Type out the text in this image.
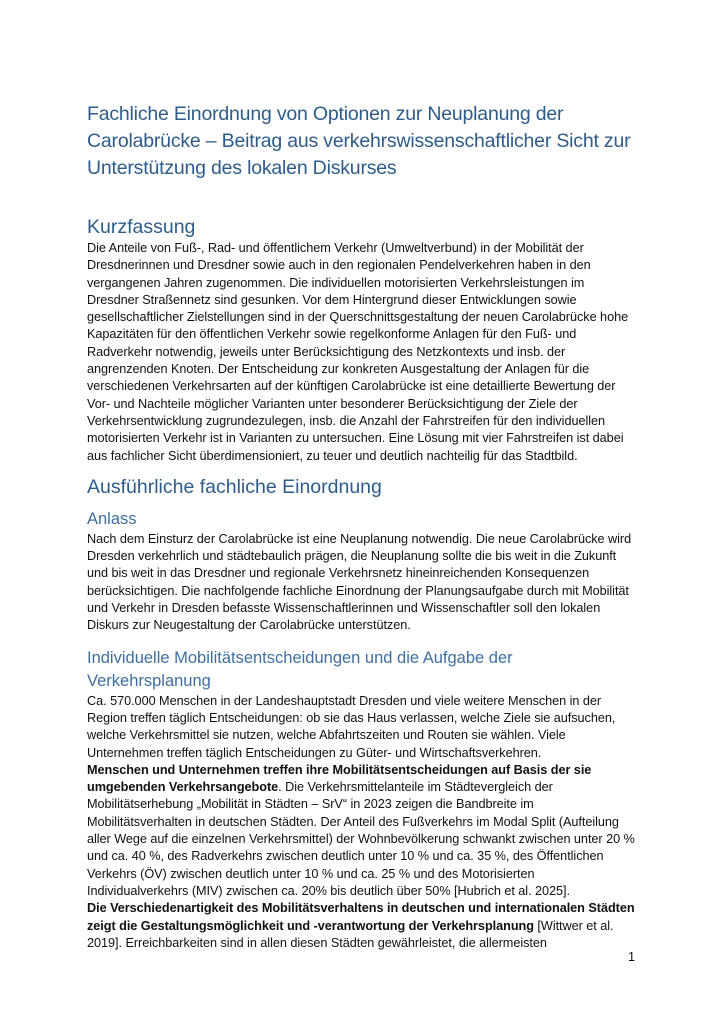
Fachliche Einordnung von Optionen zur Neuplanung der Carolabrücke – Beitrag aus verkehrswissenschaftlicher Sicht zur Unterstützung des lokalen Diskurses
Kurzfassung

Die Anteile von Fuß-, Rad- und öffentlichem Verkehr (Umweltverbund) in der Mobilität der Dresdnerinnen und Dresdner sowie auch in den regionalen Pendelverkehren haben in den vergangenen Jahren zugenommen. Die individuellen motorisierten Verkehrsleistungen im Dresdner Straßennetz sind gesunken. Vor dem Hintergrund dieser Entwicklungen sowie gesellschaftlicher Zielstellungen sind in der Querschnittsgestaltung der neuen Carolabrücke hohe Kapazitäten für den öffentlichen Verkehr sowie regelkonforme Anlagen für den Fuß- und Radverkehr notwendig, jeweils unter Berücksichtigung des Netzkontexts und insb. der angrenzenden Knoten. Der Entscheidung zur konkreten Ausgestaltung der Anlagen für die verschiedenen Verkehrsarten auf der künftigen Carolabrücke ist eine detaillierte Bewertung der Vor- und Nachteile möglicher Varianten unter besonderer Berücksichtigung der Ziele der Verkehrsentwicklung zugrundezulegen, insb. die Anzahl der Fahrstreifen für den individuellen motorisierten Verkehr ist in Varianten zu untersuchen. Eine Lösung mit vier Fahrstreifen ist dabei aus fachlicher Sicht überdimensioniert, zu teuer und deutlich nachteilig für das Stadtbild.

Ausführliche fachliche Einordnung
Anlass

Nach dem Einsturz der Carolabrücke ist eine Neuplanung notwendig. Die neue Carolabrücke wird Dresden verkehrlich und städtebaulich prägen, die Neuplanung sollte die bis weit in die Zukunft und bis weit in das Dresdner und regionale Verkehrsnetz hineinreichenden Konsequenzen berücksichtigen. Die nachfolgende fachliche Einordnung der Planungsaufgabe durch mit Mobilität und Verkehr in Dresden befasste Wissenschaftlerinnen und Wissenschaftler soll den lokalen Diskurs zur Neugestaltung der Carolabrücke unterstützen.

Individuelle Mobilitätsentscheidungen und die Aufgabe der Verkehrsplanung

Ca. 570.000 Menschen in der Landeshauptstadt Dresden und viele weitere Menschen in der Region treffen täglich Entscheidungen: ob sie das Haus verlassen, welche Ziele sie aufsuchen, welche Verkehrsmittel sie nutzen, welche Abfahrtszeiten und Routen sie wählen. Viele Unternehmen treffen täglich Entscheidungen zu Güter- und Wirtschaftsverkehren.

Menschen und Unternehmen treffen ihre Mobilitätsentscheidungen auf Basis der sie umgebenden Verkehrsangebote. Die Verkehrsmittelanteile im Städtevergleich der Mobilitätserhebung „Mobilität in Städten – SrV“ in 2023 zeigen die Bandbreite im Mobilitätsverhalten in deutschen Städten. Der Anteil des Fußverkehrs im Modal Split (Aufteilung aller Wege auf die einzelnen Verkehrsmittel) der Wohnbevölkerung schwankt zwischen unter 20 % und ca. 40 %, des Radverkehrs zwischen deutlich unter 10 % und ca. 35 %, des Öffentlichen Verkehrs (ÖV) zwischen deutlich unter 10 % und ca. 25 % und des Motorisierten Individualverkehrs (MIV) zwischen ca. 20% bis deutlich über 50% [Hubrich et al. 2025].

Die Verschiedenartigkeit des Mobilitätsverhaltens in deutschen und internationalen Städten zeigt die Gestaltungsmöglichkeit und -verantwortung der Verkehrsplanung [Wittwer et al. 2019]. Erreichbarkeiten sind in allen diesen Städten gewährleistet, die allermeisten

1
